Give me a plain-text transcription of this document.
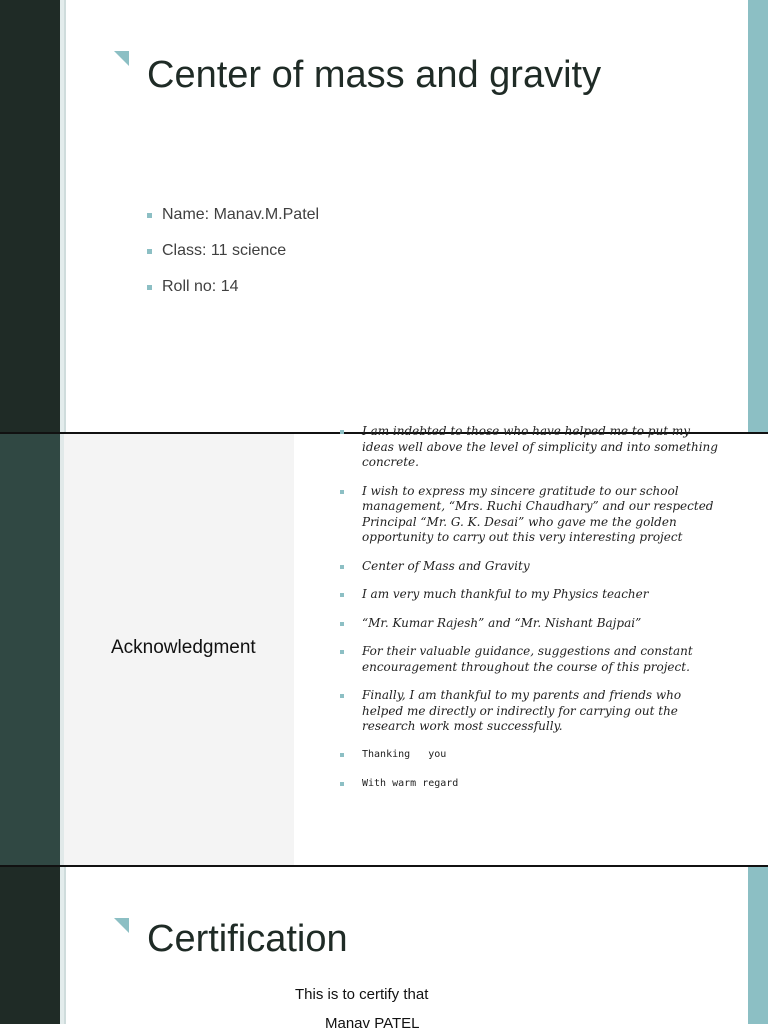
Center of mass and gravity
Name: Manav.M.Patel
Class: 11 science
Roll no: 14
Acknowledgment
I am indebted to those who have helped me to put my ideas well above the level of simplicity and into something concrete.
I wish to express my sincere gratitude to our school management, “Mrs. Ruchi Chaudhary” and our respected Principal “Mr. G. K. Desai” who gave me the golden opportunity to carry out this very interesting project
Center of Mass and Gravity
I am very much thankful to my Physics teacher
“Mr. Kumar Rajesh” and “Mr. Nishant Bajpai”
For their valuable guidance, suggestions and constant encouragement throughout the course of this project.
Finally, I am thankful to my parents and friends who helped me directly or indirectly for carrying out the research work most successfully.
Thanking   you
With warm regard
Certification
This is to certify that
Manav PATEL
